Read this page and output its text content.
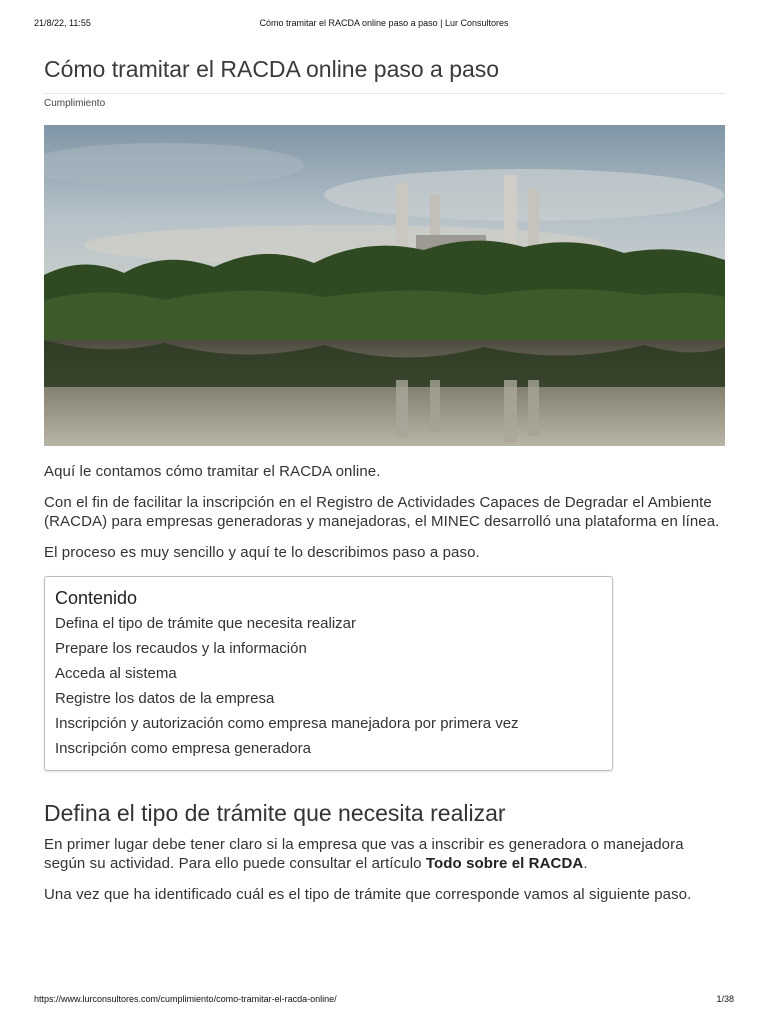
21/8/22, 11:55	Cómo tramitar el RACDA online paso a paso | Lur Consultores
Cómo tramitar el RACDA online paso a paso
Cumplimiento

Aquí le contamos cómo tramitar el RACDA online.

Con el fin de facilitar la inscripción en el Registro de Actividades Capaces de Degradar el Ambiente (RACDA) para empresas generadoras y manejadoras, el MINEC desarrolló una plataforma en línea.

El proceso es muy sencillo y aquí te lo describimos paso a paso.

Contenido
Defina el tipo de trámite que necesita realizar
Prepare los recaudos y la información
Acceda al sistema
Registre los datos de la empresa
Inscripción y autorización como empresa manejadora por primera vez
Inscripción como empresa generadora
Defina el tipo de trámite que necesita realizar

En primer lugar debe tener claro si la empresa que vas a inscribir es generadora o manejadora según su actividad. Para ello puede consultar el artículo Todo sobre el RACDA.

Una vez que ha identificado cuál es el tipo de trámite que corresponde vamos al siguiente paso.

https://www.lurconsultores.com/cumplimiento/como-tramitar-el-racda-online/	1/38
